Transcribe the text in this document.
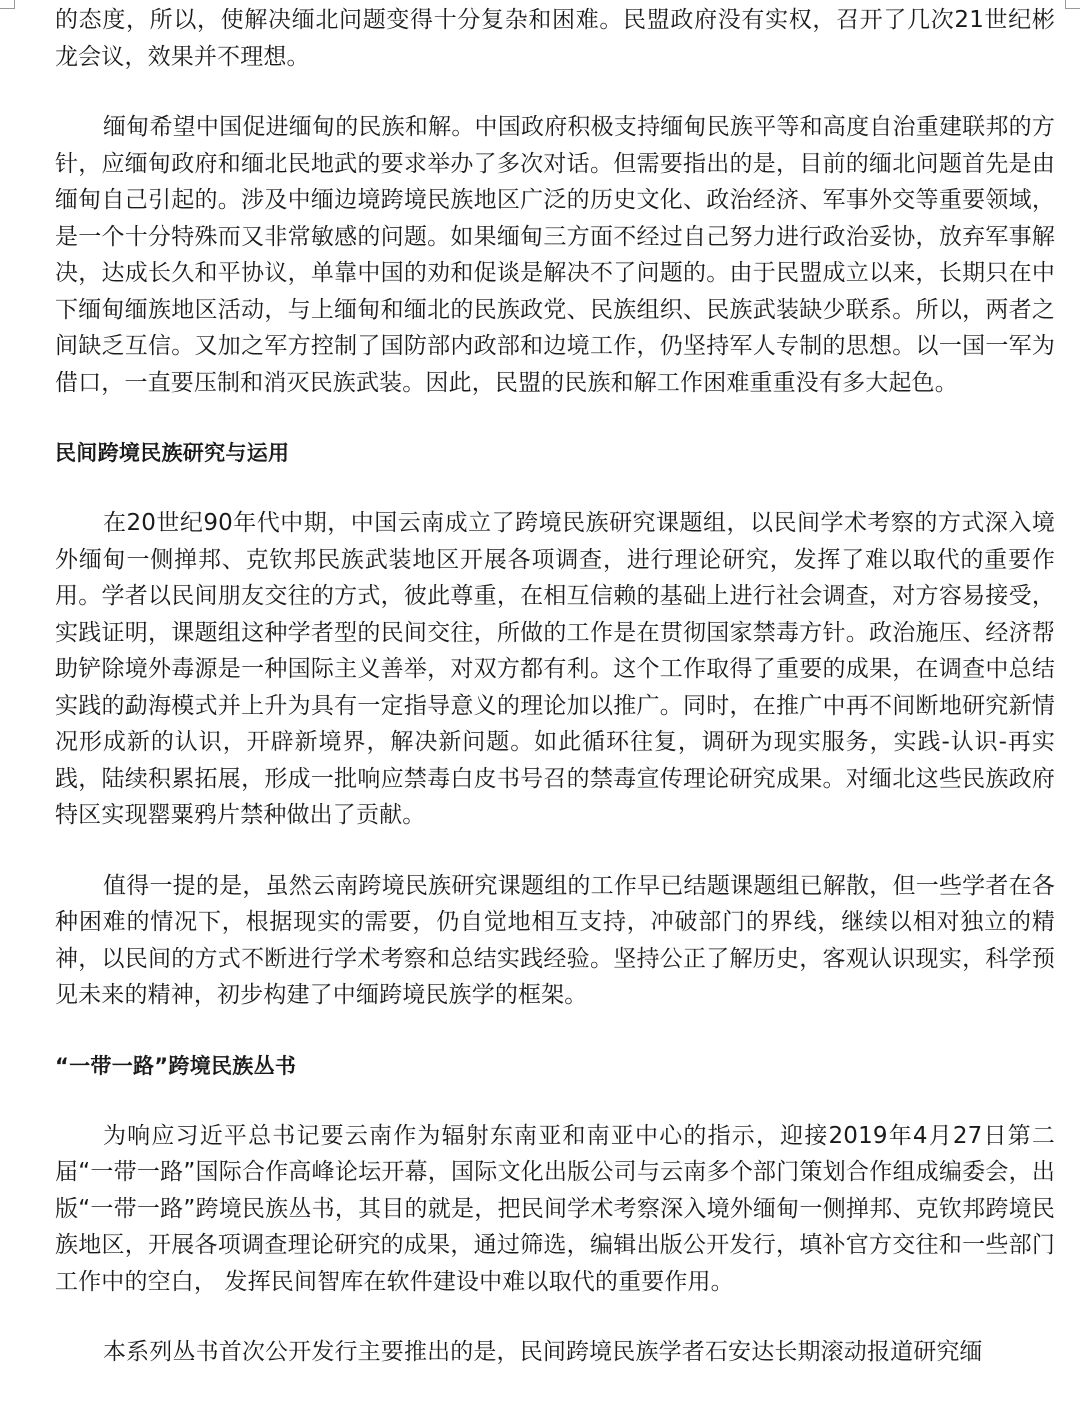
的态度，所以，使解决缅北问题变得十分复杂和困难。民盟政府没有实权，召开了几次21世纪彬龙会议，效果并不理想。

缅甸希望中国促进缅甸的民族和解。中国政府积极支持缅甸民族平等和高度自治重建联邦的方针，应缅甸政府和缅北民地武的要求举办了多次对话。但需要指出的是，目前的缅北问题首先是由缅甸自己引起的。涉及中缅边境跨境民族地区广泛的历史文化、政治经济、军事外交等重要领域，是一个十分特殊而又非常敏感的问题。如果缅甸三方面不经过自己努力进行政治妥协，放弃军事解决，达成长久和平协议，单靠中国的劝和促谈是解决不了问题的。由于民盟成立以来，长期只在中下缅甸缅族地区活动，与上缅甸和缅北的民族政党、民族组织、民族武装缺少联系。所以，两者之间缺乏互信。又加之军方控制了国防部内政部和边境工作，仍坚持军人专制的思想。以一国一军为借口，一直要压制和消灭民族武装。因此，民盟的民族和解工作困难重重没有多大起色。

民间跨境民族研究与运用

在20世纪90年代中期，中国云南成立了跨境民族研究课题组，以民间学术考察的方式深入境外缅甸一侧掸邦、克钦邦民族武装地区开展各项调查，进行理论研究，发挥了难以取代的重要作用。学者以民间朋友交往的方式，彼此尊重，在相互信赖的基础上进行社会调查，对方容易接受，实践证明，课题组这种学者型的民间交往，所做的工作是在贯彻国家禁毒方针。政治施压、经济帮助铲除境外毒源是一种国际主义善举，对双方都有利。这个工作取得了重要的成果，在调查中总结实践的勐海模式并上升为具有一定指导意义的理论加以推广。同时，在推广中再不间断地研究新情况形成新的认识，开辟新境界，解决新问题。如此循环往复，调研为现实服务，实践-认识-再实践，陆续积累拓展，形成一批响应禁毒白皮书号召的禁毒宣传理论研究成果。对缅北这些民族政府特区实现罂粟鸦片禁种做出了贡献。

值得一提的是，虽然云南跨境民族研究课题组的工作早已结题课题组已解散，但一些学者在各种困难的情况下，根据现实的需要，仍自觉地相互支持，冲破部门的界线，继续以相对独立的精神，以民间的方式不断进行学术考察和总结实践经验。坚持公正了解历史，客观认识现实，科学预见未来的精神，初步构建了中缅跨境民族学的框架。

“一带一路”跨境民族丛书

为响应习近平总书记要云南作为辐射东南亚和南亚中心的指示，迎接2019年4月27日第二届“一带一路”国际合作高峰论坛开幕，国际文化出版公司与云南多个部门策划合作组成编委会，出版“一带一路”跨境民族丛书，其目的就是，把民间学术考察深入境外缅甸一侧掸邦、克钦邦跨境民族地区，开展各项调查理论研究的成果，通过筛选，编辑出版公开发行，填补官方交往和一些部门工作中的空白， 发挥民间智库在软件建设中难以取代的重要作用。

本系列丛书首次公开发行主要推出的是，民间跨境民族学者石安达长期滚动报道研究缅
